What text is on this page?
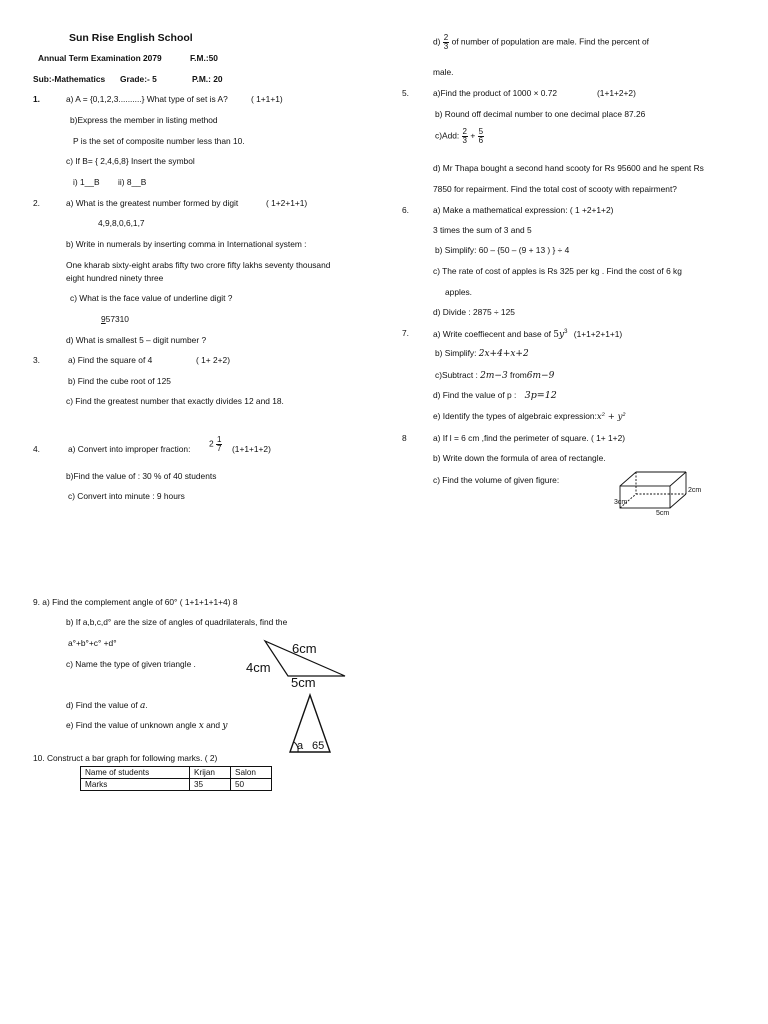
Sun Rise English School
Annual Term Examination 2079	F.M.:50
Sub:-Mathematics Grade:- 5	P.M.: 20
1.	a) A = {0,1,2,3..........} What type of set is A?	( 1+1+1)
b)Express the member in listing method
P is the set of composite number less than 10.
c) If B= { 2,4,6,8} Insert the symbol
i) 1__B ii) 8__B
2.	a) What is the greatest number formed by digit	( 1+2+1+1)
4,9,8,0,6,1,7
b) Write in numerals by inserting comma in International system :
One kharab sixty-eight arabs fifty two crore fifty lakhs seventy thousand
eight hundred ninety three
c) What is the face value of underline digit ?
957310
d) What is smallest 5 – digit number ?
3.	a) Find the square of 4	( 1+ 2+2)
b) Find the cube root of 125
c) Find the greatest number that exactly divides 12 and 18.
4.	a) Convert into improper fraction:
$2 \frac{1}{7} (1+1+1+2)$
b)Find the value of : 30 % of 40 students
c) Convert into minute : 9 hours
$d) \frac{2}{3}$ of number of population are male. Find the percent of
male.
5.	a)Find the product of 1000 × 0.72	(1+1+2+2)
b) Round off decimal number to one decimal place 87.26
c)Add: $\frac{2}{3} + \frac{5}{6}$
d) Mr Thapa bought a second hand scooty for Rs 95600 and he spent Rs
7850 for repairment. Find the total cost of scooty with repairment?
6.	a) Make a mathematical expression: ( 1 +2+1+2)
3 times the sum of 3 and 5
b) Simplify: 60 – {50 – (9 + 13 ) } ÷ 4
c) The rate of cost of apples is Rs 325 per kg . Find the cost of 6 kg
apples.
d) Divide : 2875 ÷ 125
7.	a) Write coeffiecent and base of $5y^3$ (1+1+2+1+1)
b) Simplify: 2x+4+x+2
c)Subtract : 2m−3 from6m−9
d) Find the value of p : 3p=12
e) Identify the types of algebraic expression:x² + y²
8	a) If l = 6 cm ,find the perimeter of square. ( 1+ 1+2)
b) Write down the formula of area of rectangle.
c) Find the volume of given figure:
2cm
3cm
5cm
9. a) Find the complement angle of 60° ( 1+1+1+1+4) 8
b) If a,b,c,d° are the size of angles of quadrilaterals, find the
a°+b°+c° +d°
c) Name the type of given triangle .
6cm
4cm
5cm
d) Find the value of a.
e) Find the value of unknown angle x and y
a 65
10. Construct a bar graph for following marks. ( 2)
Name of students	Krijan	Salon
Marks	35	50
